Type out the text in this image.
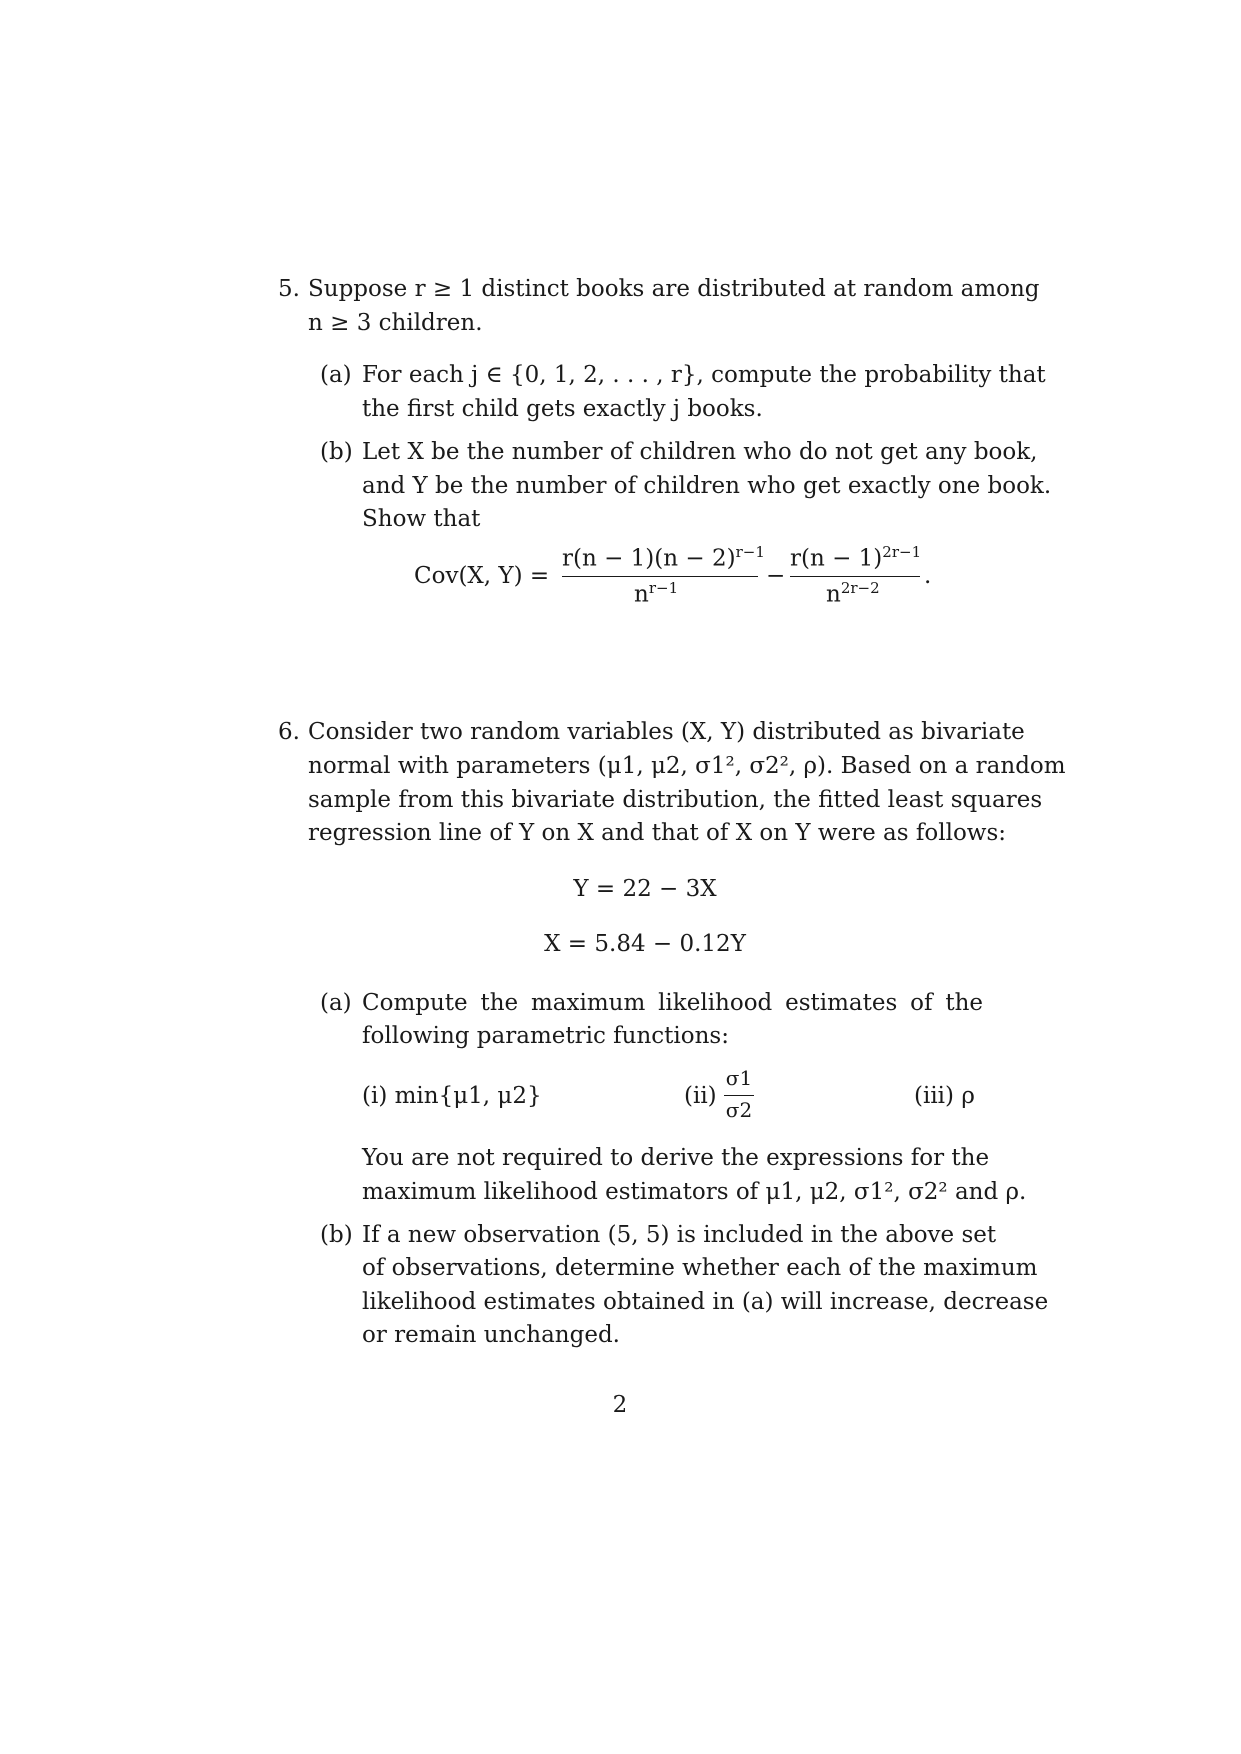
5. Suppose r ≥ 1 distinct books are distributed at random among
n ≥ 3 children.
(a) For each j ∈ {0, 1, 2, . . . , r}, compute the probability that
the first child gets exactly j books.
(b) Let X be the number of children who do not get any book,
and Y be the number of children who get exactly one book.
Show that
Cov(X, Y) =
$r(n - 1)(n - 2)^{r-1}$
$n^{r-1}$	−
$r(n - 1)^{2r-1}$
$n^{2r-2}$ .
6. Consider two random variables (X, Y) distributed as bivariate
normal with parameters (μ1, μ2, σ1², σ2², ρ). Based on a random
sample from this bivariate distribution, the fitted least squares
regression line of Y on X and that of X on Y were as follows:
Y = 22 − 3X
X = 5.84 − 0.12Y
(a) Compute the maximum likelihood estimates of the
following parametric functions:
(i) min{μ1, μ2}	(ii)
σ1
σ2
(iii) ρ
You are not required to derive the expressions for the
maximum likelihood estimators of μ1, μ2, σ1², σ2² and ρ.
(b) If a new observation (5, 5) is included in the above set
of observations, determine whether each of the maximum
likelihood estimates obtained in (a) will increase, decrease
or remain unchanged.
2
